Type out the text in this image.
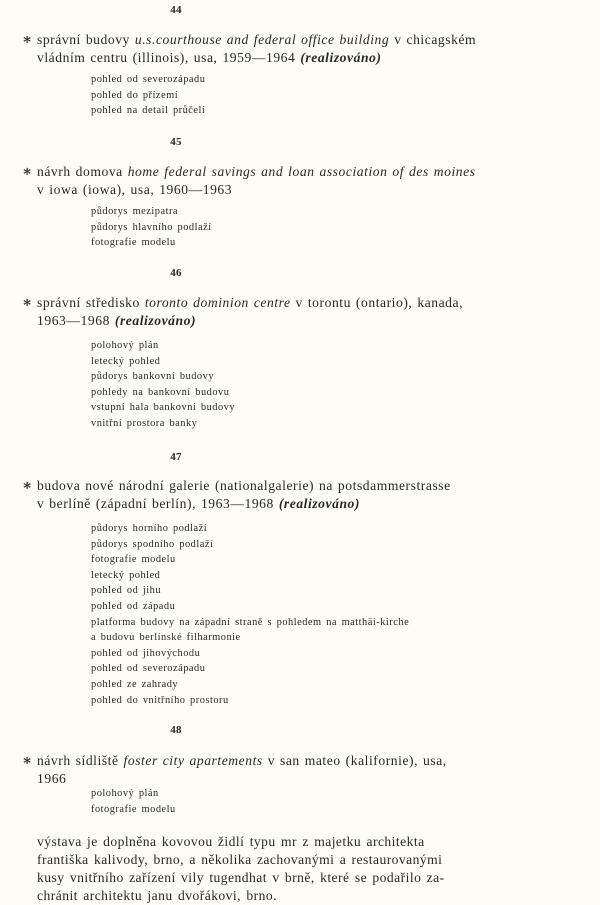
44
∗ správní budovy u.s.courthouse and federal office building v chicagském
vládním centru (illinois), usa, 1959—1964 (realizováno)
pohled od severozápadu
pohled do přízemí
pohled na detail průčelí
45
∗ návrh domova home federal savings and loan association of des moines
v iowa (iowa), usa, 1960—1963
půdorys mezipatra
půdorys hlavního podlaží
fotografie modelu
46
∗ správní středisko toronto dominion centre v torontu (ontario), kanada,
1963—1968 (realizováno)
polohový plán
letecký pohled
půdorys bankovní budovy
pohledy na bankovní budovu
vstupní hala bankovní budovy
vnitřní prostora banky
47
∗ budova nové národní galerie (nationalgalerie) na potsdammerstrasse
v berlíně (západní berlín), 1963—1968 (realizováno)
půdorys horního podlaží
půdorys spodního podlaží
fotografie modelu
letecký pohled
pohled od jihu
pohled od západu
platforma budovy na západní straně s pohledem na matthäi-kirche
a budovu berlínské filharmonie
pohled od jihovýchodu
pohled od severozápadu
pohled ze zahrady
pohled do vnitřního prostoru
48
∗ návrh sídliště foster city apartements v san mateo (kalifornie), usa,
1966
polohový plán
fotografie modelu
výstava je doplněna kovovou židlí typu mr z majetku architekta
františka kalivody, brno, a několika zachovanými a restaurovanými
kusy vnitřního zařízení vily tugendhat v brně, které se podařilo za-
chránit architektu janu dvořákovi, brno.
